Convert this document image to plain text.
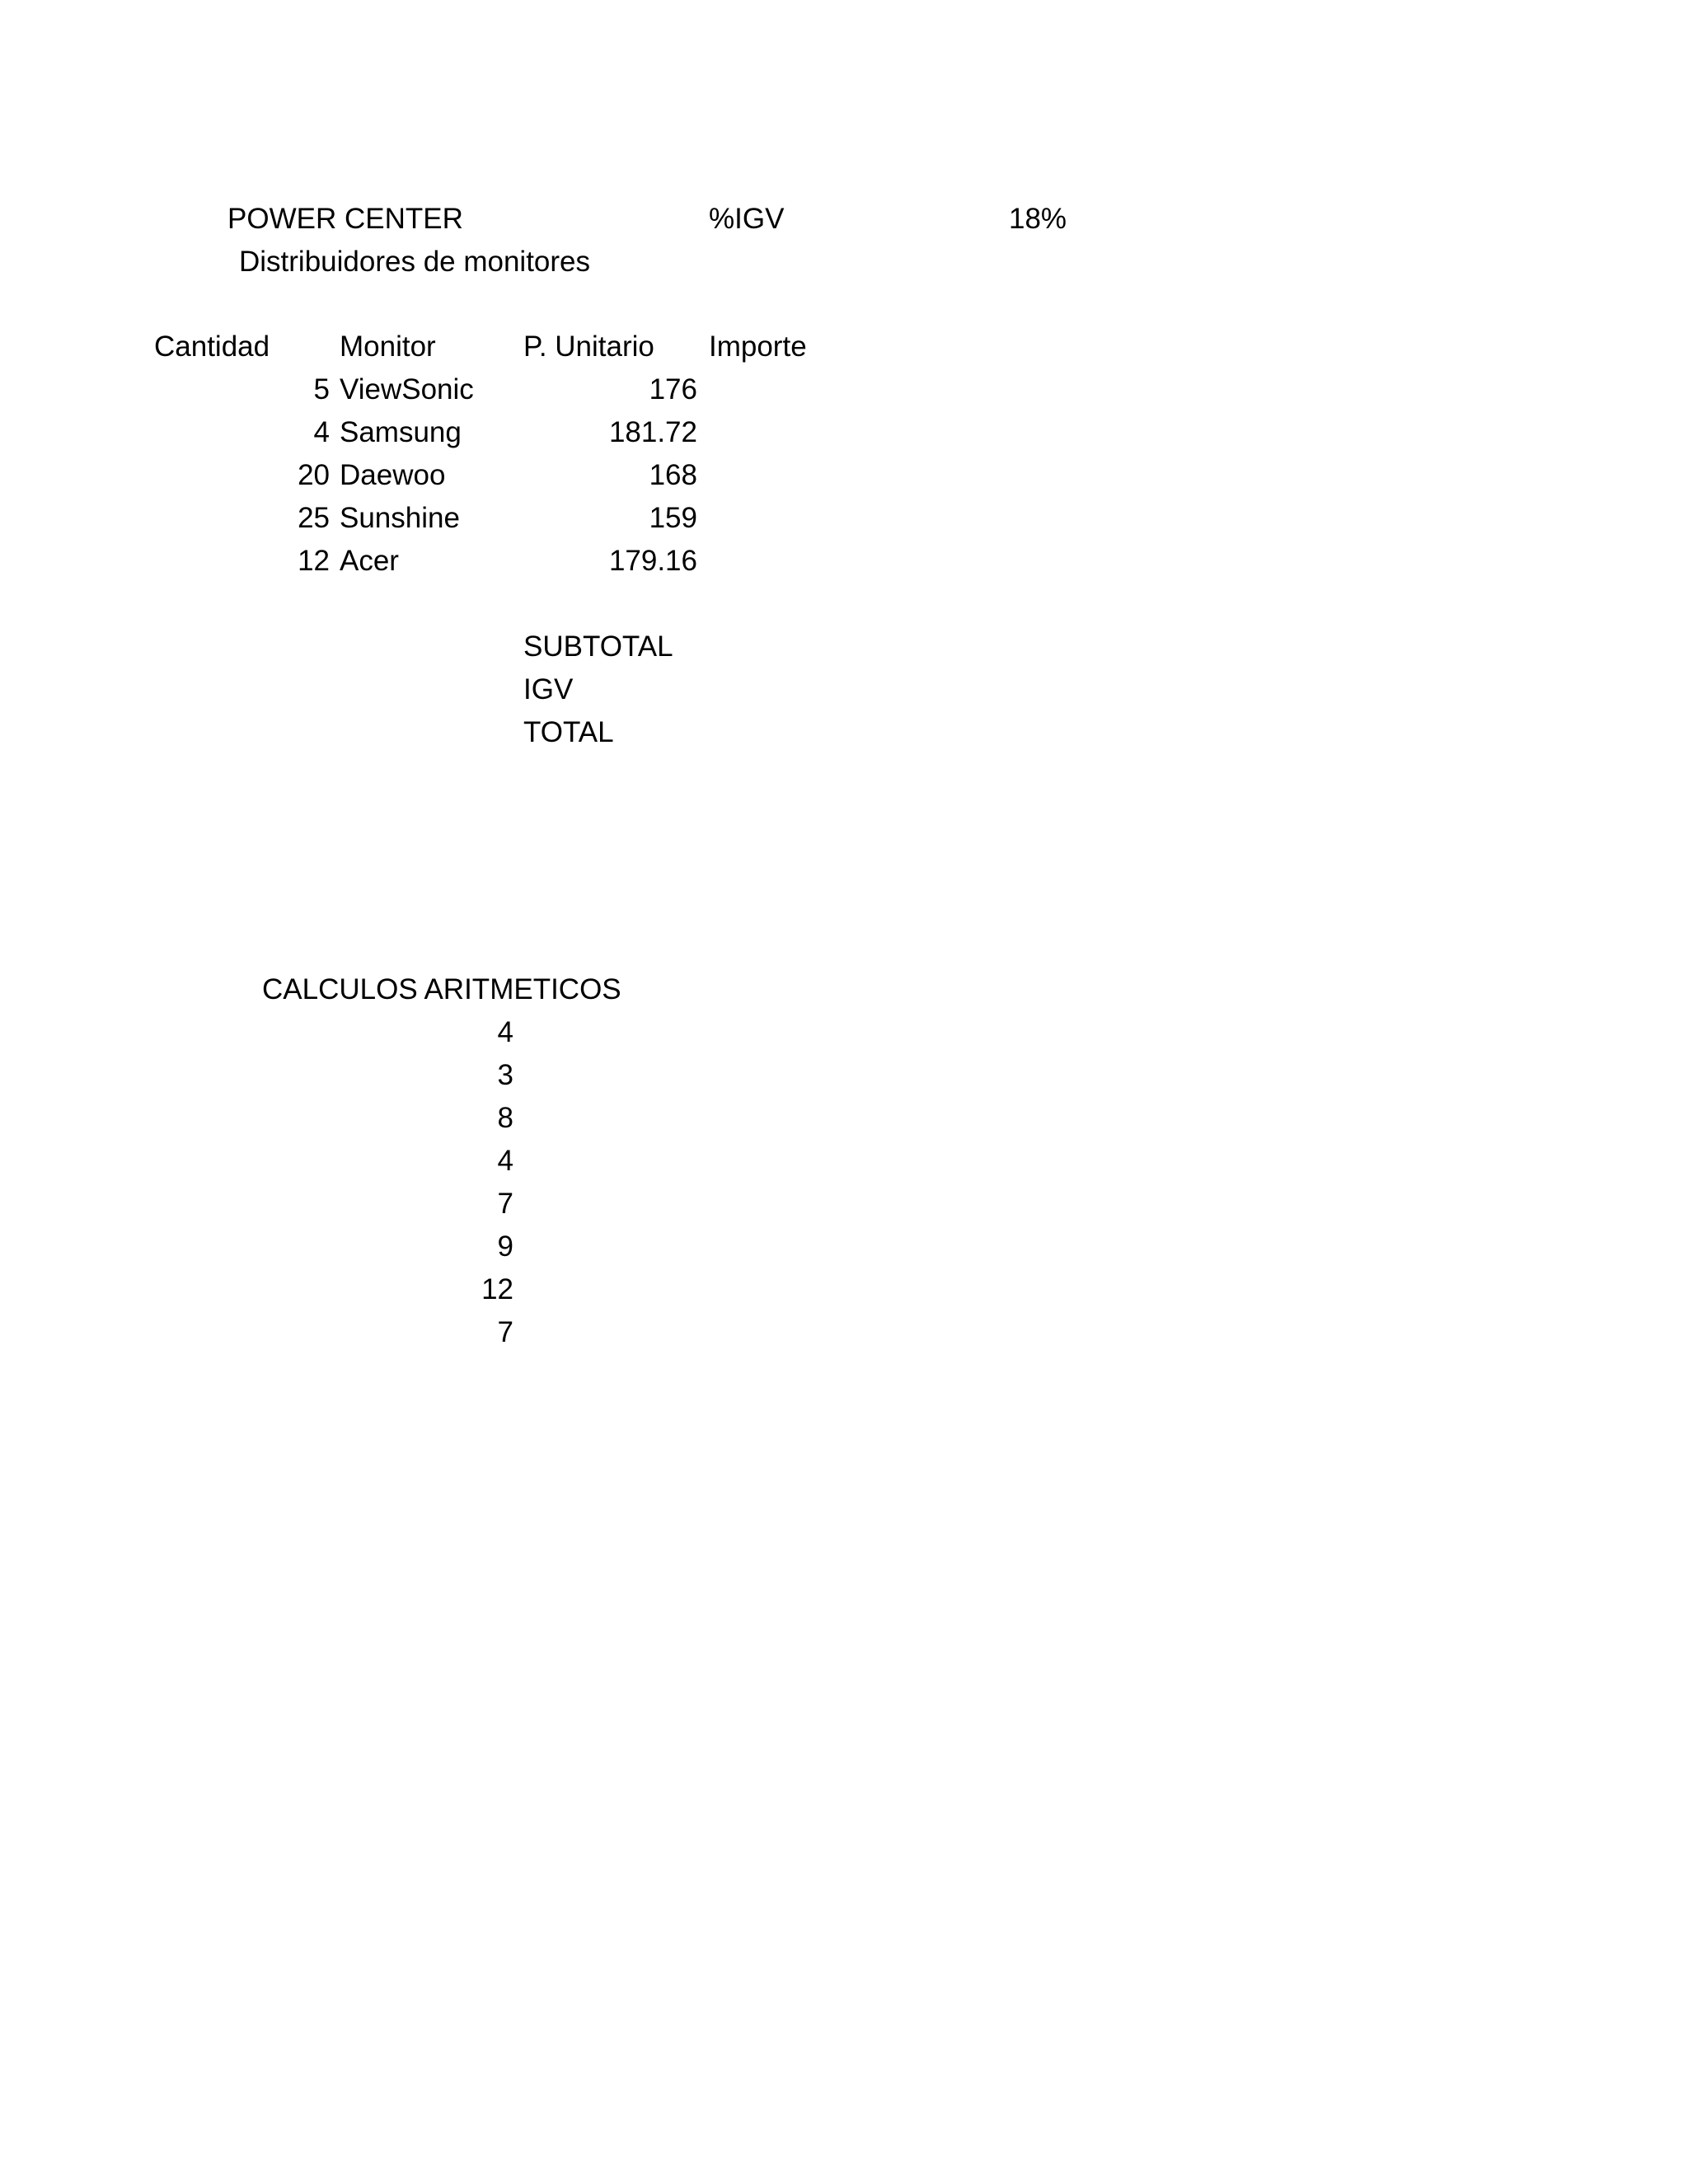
POWER CENTER	%IGV	18%
Distribuidores de monitores
Cantidad Monitor	P. Unitario Importe
5 ViewSonic	176
4 Samsung	181.72
20 Daewoo	168
25 Sunshine	159
12 Acer	179.16
SUBTOTAL
IGV
TOTAL
CALCULOS ARITMETICOS
4
3
8
4
7
9
12
7
